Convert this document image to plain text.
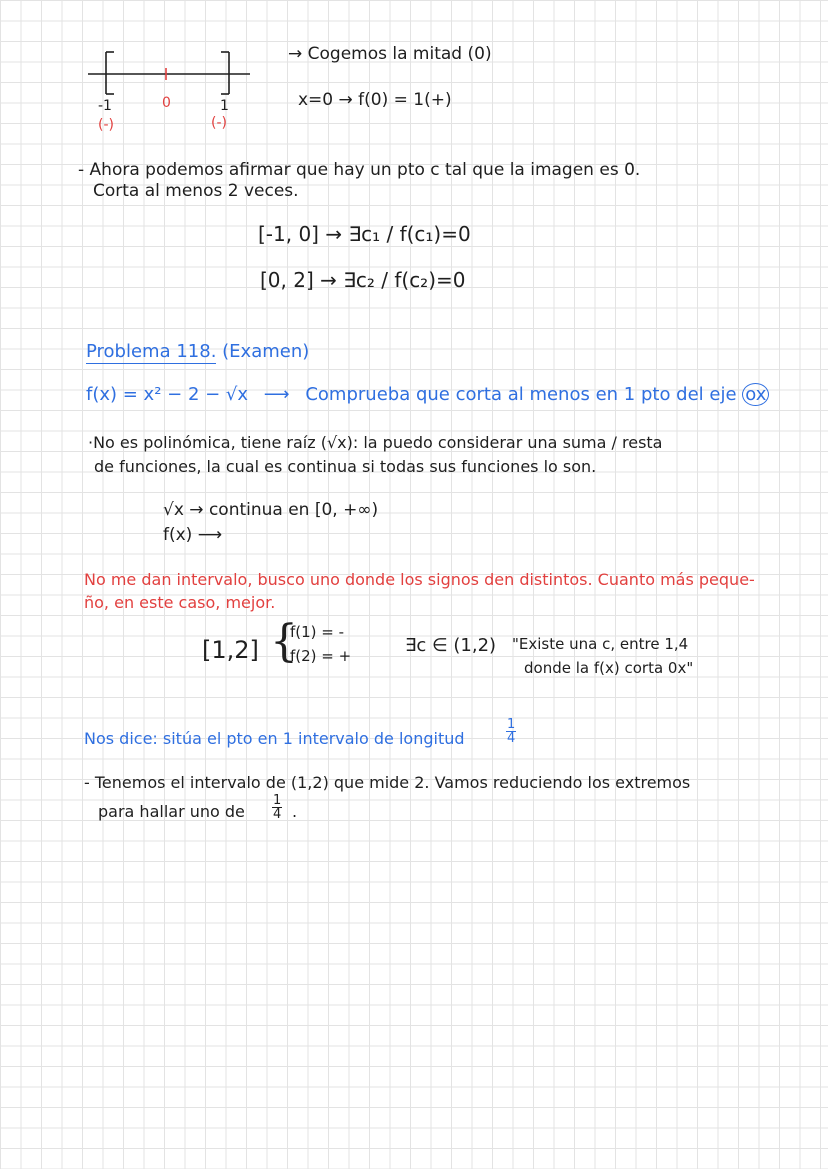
-1	0	1
(-)	(-)
→ Cogemos la mitad (0)
x=0 → f(0) = 1(+)
- Ahora podemos afirmar que hay un pto c tal que la imagen es 0.
Corta al menos 2 veces.
[-1, 0] → ∃c₁ / f(c₁)=0
[0, 2] → ∃c₂ / f(c₂)=0
Problema 118. (Examen)
f(x) = x² − 2 − √x ⟶ Comprueba que corta al menos en 1 pto del eje ox
·No es polinómica, tiene raíz (√x): la puedo considerar una suma / resta
de funciones, la cual es continua si todas sus funciones lo son.
√x → continua en [0, +∞)
f(x) ⟶
No me dan intervalo, busco uno donde los signos den distintos. Cuanto más peque-
ño, en este caso, mejor.
[1,2] {
f(1) = -
f(2) = +	∃c ∈ (1,2) "Existe una c, entre 1,4
donde la f(x) corta 0x"
Nos dice: sitúa el pto en 1 intervalo de longitud	$\frac{1}{4}$
- Tenemos el intervalo de (1,2) que mide 2. Vamos reduciendo los extremos
para hallar uno de $\frac{1}{4}$ .
